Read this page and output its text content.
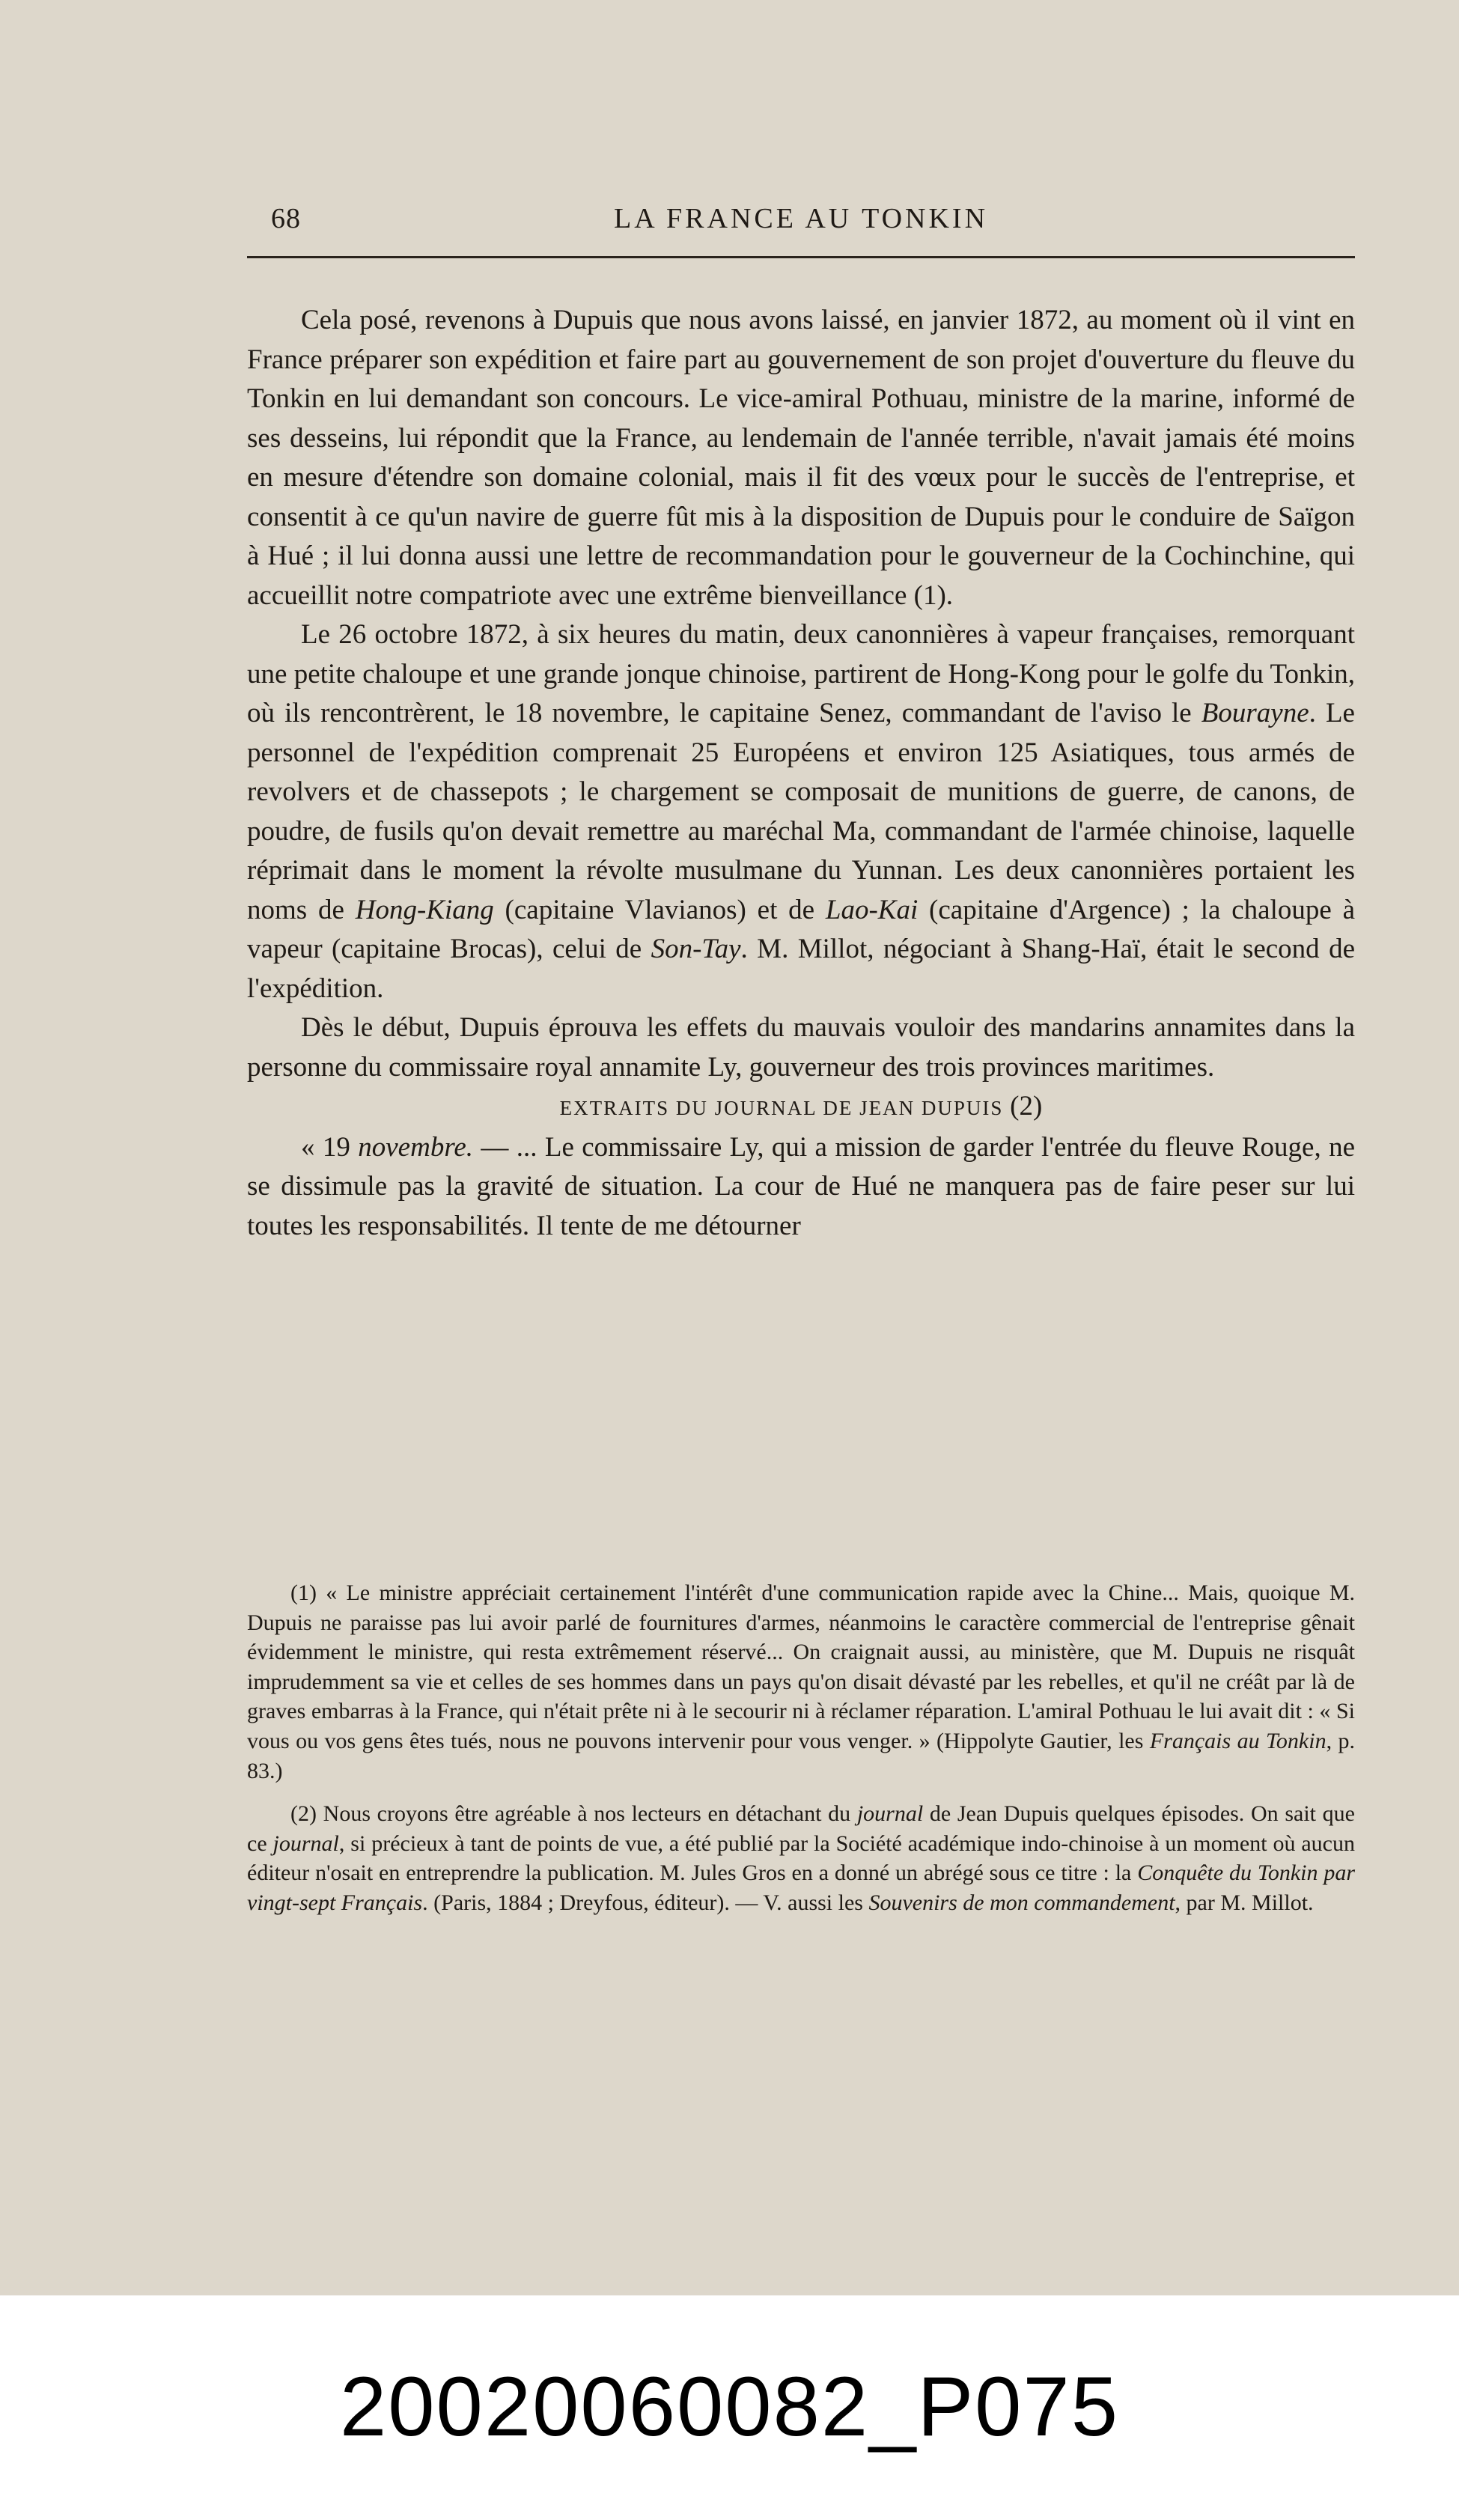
68	LA FRANCE AU TONKIN

Cela posé, revenons à Dupuis que nous avons laissé, en janvier 1872, au moment où il vint en France préparer son expédition et faire part au gouvernement de son projet d'ouverture du fleuve du Tonkin en lui demandant son concours. Le vice-amiral Pothuau, ministre de la marine, informé de ses desseins, lui répondit que la France, au lendemain de l'année terrible, n'avait jamais été moins en mesure d'étendre son domaine colonial, mais il fit des vœux pour le succès de l'entreprise, et consentit à ce qu'un navire de guerre fût mis à la disposition de Dupuis pour le conduire de Saïgon à Hué ; il lui donna aussi une lettre de recommandation pour le gouverneur de la Cochinchine, qui accueillit notre compatriote avec une extrême bienveillance (1).

Le 26 octobre 1872, à six heures du matin, deux canonnières à vapeur françaises, remorquant une petite chaloupe et une grande jonque chinoise, partirent de Hong-Kong pour le golfe du Tonkin, où ils rencontrèrent, le 18 novembre, le capitaine Senez, commandant de l'aviso le Bourayne. Le personnel de l'expédition comprenait 25 Européens et environ 125 Asiatiques, tous armés de revolvers et de chassepots ; le chargement se composait de munitions de guerre, de canons, de poudre, de fusils qu'on devait remettre au maréchal Ma, commandant de l'armée chinoise, laquelle réprimait dans le moment la révolte musulmane du Yunnan. Les deux canonnières portaient les noms de Hong-Kiang (capitaine Vlavianos) et de Lao-Kai (capitaine d'Argence) ; la chaloupe à vapeur (capitaine Brocas), celui de Son-Tay. M. Millot, négociant à Shang-Haï, était le second de l'expédition.

Dès le début, Dupuis éprouva les effets du mauvais vouloir des mandarins annamites dans la personne du commissaire royal annamite Ly, gouverneur des trois provinces maritimes.

EXTRAITS DU JOURNAL DE JEAN DUPUIS (2)

« 19 novembre. — ... Le commissaire Ly, qui a mission de garder l'entrée du fleuve Rouge, ne se dissimule pas la gravité de situation. La cour de Hué ne manquera pas de faire peser sur lui toutes les responsabilités. Il tente de me détourner

(1) « Le ministre appréciait certainement l'intérêt d'une communication rapide avec la Chine... Mais, quoique M. Dupuis ne paraisse pas lui avoir parlé de fournitures d'armes, néanmoins le caractère commercial de l'entreprise gênait évidemment le ministre, qui resta extrêmement réservé... On craignait aussi, au ministère, que M. Dupuis ne risquât imprudemment sa vie et celles de ses hommes dans un pays qu'on disait dévasté par les rebelles, et qu'il ne créât par là de graves embarras à la France, qui n'était prête ni à le secourir ni à réclamer réparation. L'amiral Pothuau le lui avait dit : « Si vous ou vos gens êtes tués, nous ne pouvons intervenir pour vous venger. » (Hippolyte Gautier, les Français au Tonkin, p. 83.)

(2) Nous croyons être agréable à nos lecteurs en détachant du journal de Jean Dupuis quelques épisodes. On sait que ce journal, si précieux à tant de points de vue, a été publié par la Société académique indo-chinoise à un moment où aucun éditeur n'osait en entreprendre la publication. M. Jules Gros en a donné un abrégé sous ce titre : la Conquête du Tonkin par vingt-sept Français. (Paris, 1884 ; Dreyfous, éditeur). — V. aussi les Souvenirs de mon commandement, par M. Millot.

20020060082_P075
